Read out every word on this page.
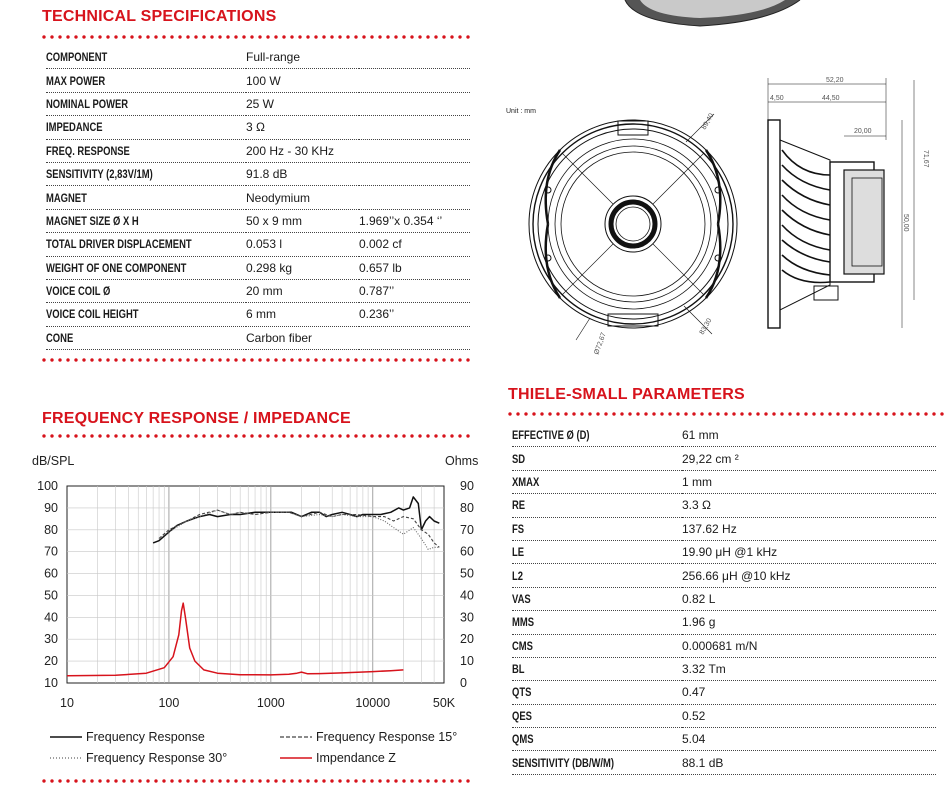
TECHNICAL SPECIFICATIONS
COMPONENT	Full-range	
MAX POWER	100 W	
NOMINAL POWER	25 W	
IMPEDANCE	3 Ω	
FREQ. RESPONSE	200 Hz - 30 KHz	
SENSITIVITY (2,83V/1M)	91.8 dB	
MAGNET	Neodymium	
MAGNET SIZE Ø X H	50 x 9 mm	1.969’’x 0.354 ‘’
TOTAL DRIVER DISPLACEMENT	0.053 l	0.002 cf
WEIGHT OF ONE COMPONENT	0.298 kg	0.657 lb
VOICE COIL Ø	20 mm	0.787’’
VOICE COIL HEIGHT	6 mm	0.236’’
CONE	Carbon fiber	
FREQUENCY RESPONSE / IMPEDANCE
dB/SPL	Ohms
100
90
80
70
60
50
40
30
20
10
90
80
70
60
50
40
30
20
10
0
10	100	1000	10000	50K
Frequency Response	Frequency Response 15°
Frequency Response 30°	Impendance Z
Unit : mm
89,40
83,30
Ø72,67
52,20
4,50	44,50
20,00
71,67
50,00
THIELE-SMALL PARAMETERS
EFFECTIVE Ø (D)	61 mm
SD	29,22 cm ²
XMAX	1 mm
RE	3.3 Ω
FS	137.62 Hz
LE	19.90 μH @1 kHz
L2	256.66 μH @10 kHz
VAS	0.82 L
MMS	1.96 g
CMS	0.000681 m/N
BL	3.32 Tm
QTS	0.47
QES	0.52
QMS	5.04
SENSITIVITY (DB/W/M)	88.1 dB
